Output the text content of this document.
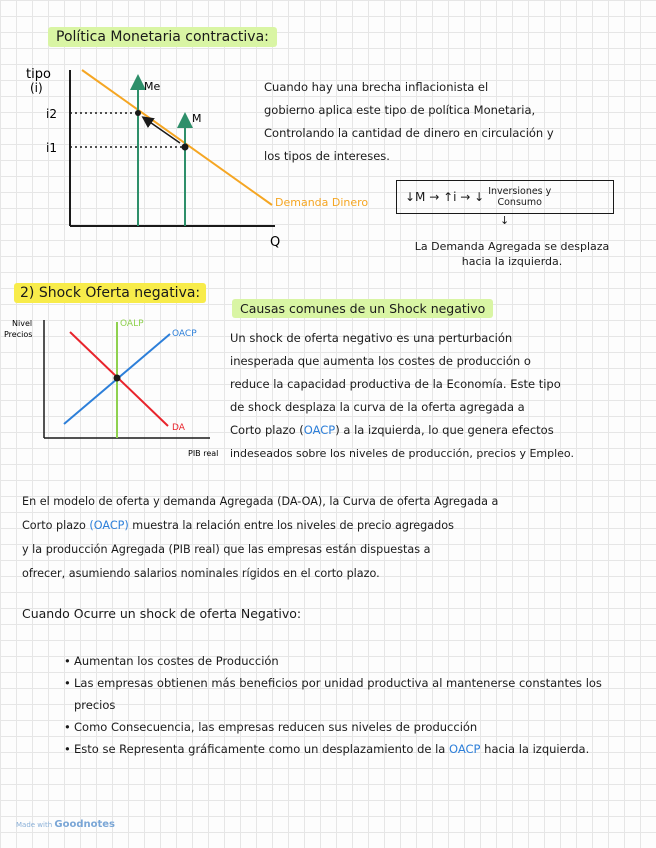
Política Monetaria contractiva:
tipo
(i)
Q
Demanda Dinero
Me
M
i2
i1
Cuando hay una brecha inflacionista el
gobierno aplica este tipo de política Monetaria,
Controlando la cantidad de dinero en circulación y
los tipos de intereses.
↓M → ↑i → ↓ Inversiones y
Consumo
↓
La Demanda Agregada se desplaza
hacia la izquierda.
2) Shock Oferta negativa:
Causas comunes de un Shock negativo
Nivel
Precios
PIB real
OALP
OACP
DA
Un shock de oferta negativo es una perturbación
inesperada que aumenta los costes de producción o
reduce la capacidad productiva de la Economía. Este tipo
de shock desplaza la curva de la oferta agregada a
Corto plazo (OACP) a la izquierda, lo que genera efectos
indeseados sobre los niveles de producción, precios y Empleo.
En el modelo de oferta y demanda Agregada (DA-OA), la Curva de oferta Agregada a
Corto plazo (OACP) muestra la relación entre los niveles de precio agregados
y la producción Agregada (PIB real) que las empresas están dispuestas a
ofrecer, asumiendo salarios nominales rígidos en el corto plazo.
Cuando Ocurre un shock de oferta Negativo:
• Aumentan los costes de Producción
• Las empresas obtienen más beneficios por unidad productiva al mantenerse constantes los precios
• Como Consecuencia, las empresas reducen sus niveles de producción
• Esto se Representa gráficamente como un desplazamiento de la OACP hacia la izquierda.
Made with Goodnotes
